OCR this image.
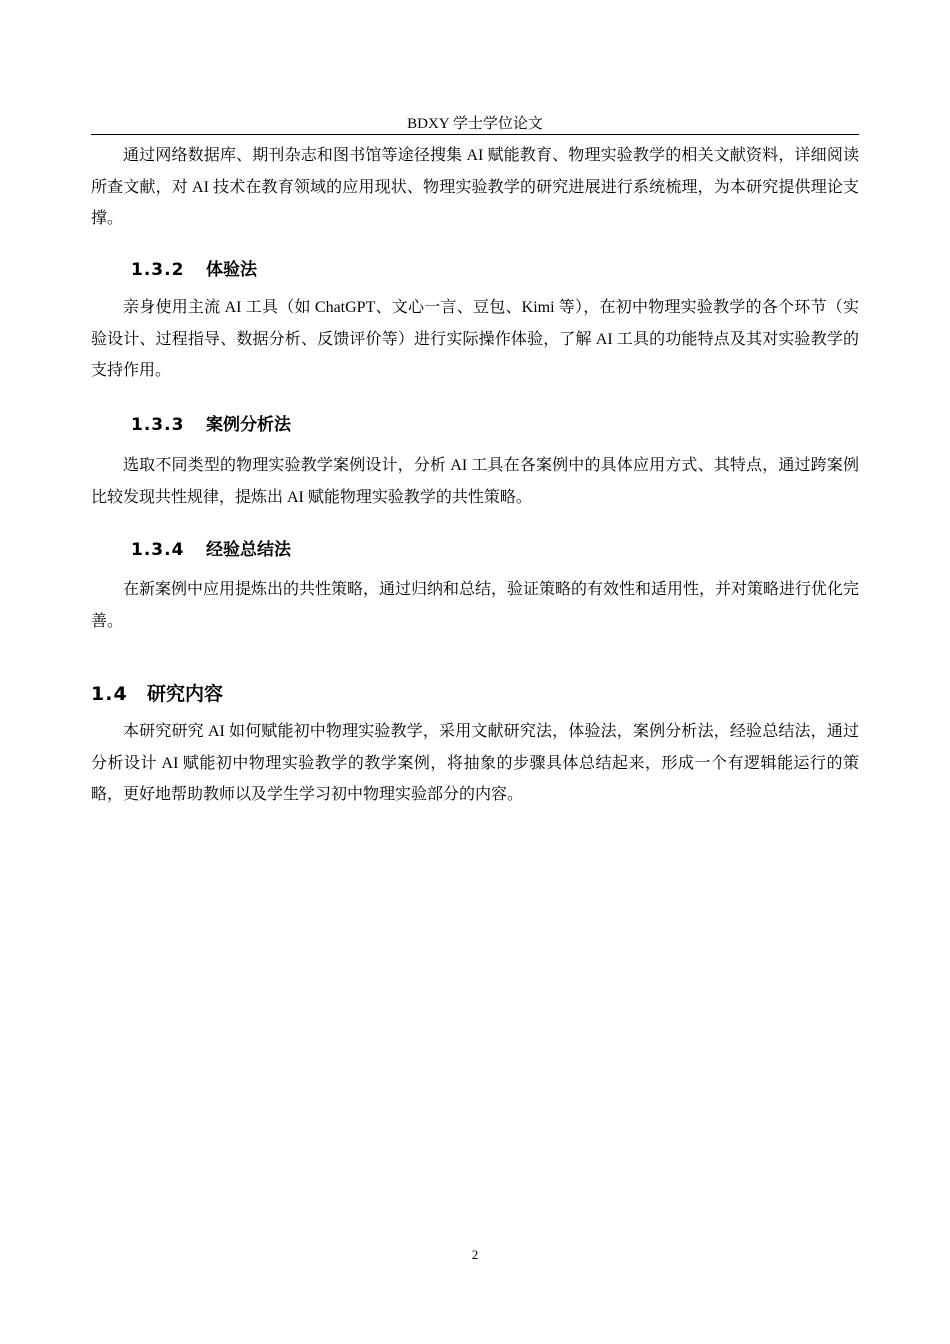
BDXY 学士学位论文

通过网络数据库、期刊杂志和图书馆等途径搜集 AI 赋能教育、物理实验教学的相关文献资料，详细阅读所查文献，对 AI 技术在教育领域的应用现状、物理实验教学的研究进展进行系统梳理，为本研究提供理论支撑。

1.3.2 体验法

亲身使用主流 AI 工具（如 ChatGPT、文心一言、豆包、Kimi 等），在初中物理实验教学的各个环节（实验设计、过程指导、数据分析、反馈评价等）进行实际操作体验，了解 AI 工具的功能特点及其对实验教学的支持作用。

1.3.3 案例分析法

选取不同类型的物理实验教学案例设计，分析 AI 工具在各案例中的具体应用方式、其特点，通过跨案例比较发现共性规律，提炼出 AI 赋能物理实验教学的共性策略。

1.3.4 经验总结法

在新案例中应用提炼出的共性策略，通过归纳和总结，验证策略的有效性和适用性，并对策略进行优化完善。

1.4 研究内容

本研究研究 AI 如何赋能初中物理实验教学，采用文献研究法，体验法，案例分析法，经验总结法，通过分析设计 AI 赋能初中物理实验教学的教学案例，将抽象的步骤具体总结起来，形成一个有逻辑能运行的策略，更好地帮助教师以及学生学习初中物理实验部分的内容。

2
